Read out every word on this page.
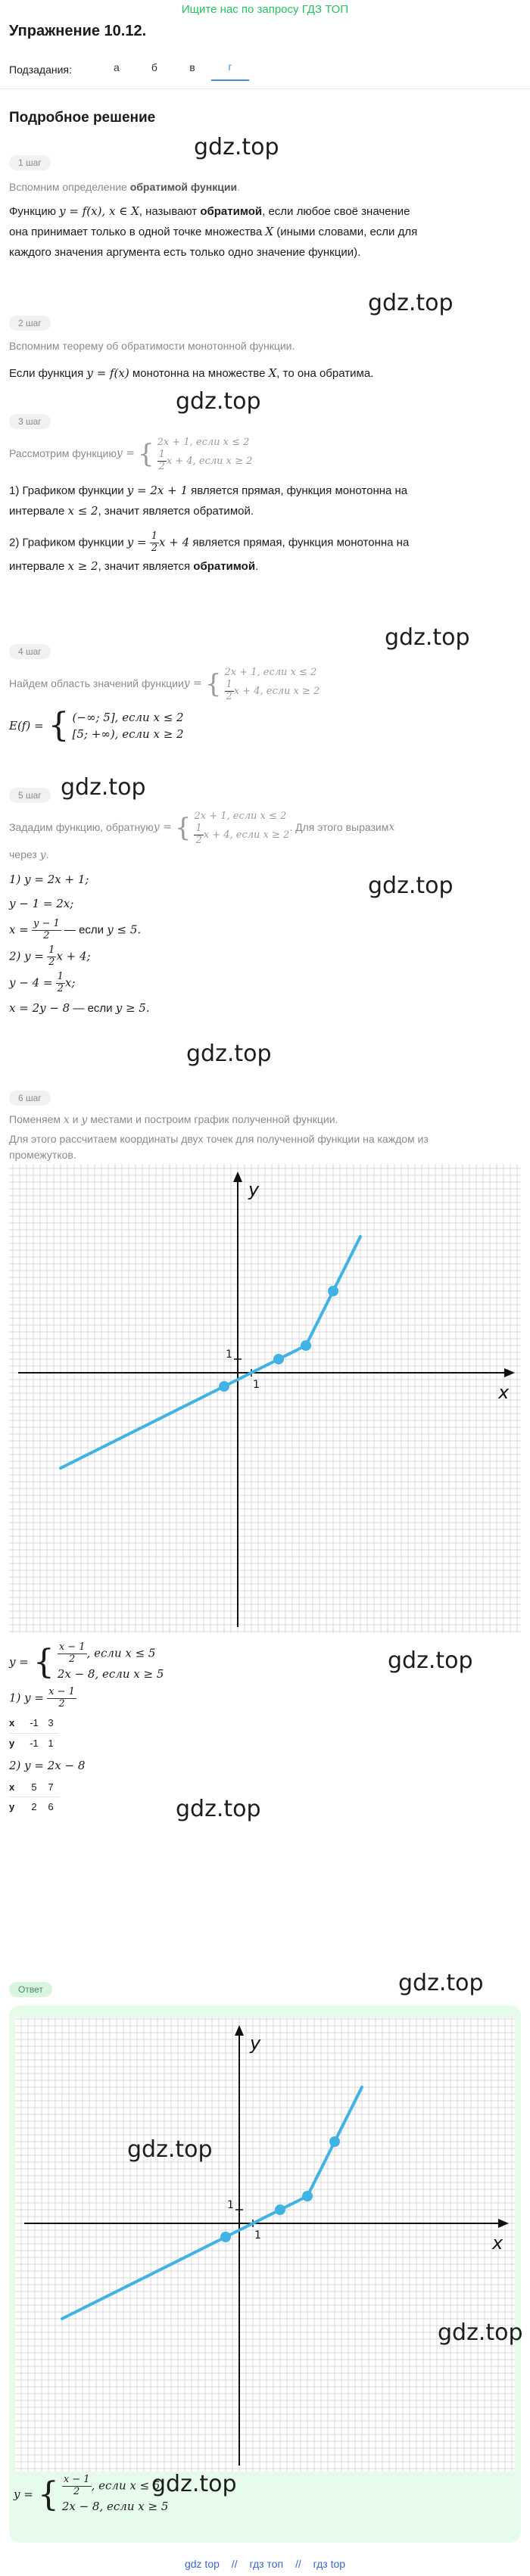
Ищите нас по запросу ГДЗ ТОП
Упражнение 10.12.
Подзадания:	а	б	в	г
Подробное решение
gdz.top
gdz.top
gdz.top
gdz.top
gdz.top
gdz.top
gdz.top
gdz.top
gdz.top
gdz.top
1 шаг
Вспомним определение обратимой функции.
Функцию y = f(x), x ∈ X, называют обратимой, если любое своё значение
она принимает только в одной точке множества X (иными словами, если для
каждого значения аргумента есть только одно значение функции).
2 шаг
Вспомним теорему об обратимости монотонной функции.
Если функция y = f(x) монотонна на множестве X, то она обратима.
3 шаг
Рассмотрим функцию y = { 2x + 1, если x ≤ 2
$\frac{1}{2}$ x + 4, если x ≥ 2
1) Графиком функции y = 2x + 1 является прямая, функция монотонна на
интервале x ≤ 2, значит является обратимой.
2) Графиком функции $y = \frac{1}{2}$ x + 4 является прямая, функция монотонна на
интервале x ≥ 2, значит является обратимой.
4 шаг
Найдем область значений функции y = { 2x + 1, если x ≤ 2
$\frac{1}{2}$ x + 4, если x ≥ 2
E(f) = { (−∞; 5], если x ≤ 2
[5; +∞), если x ≥ 2
5 шаг
Зададим функцию, обратную y = { 2x + 1, если x ≤ 2
$\frac{1}{2}$ x + 4, если x ≥ 2
. Для этого выразим x
через y.
1) y = 2x + 1;
y − 1 = 2x;
$x = \frac{y - 1}{2}$ — если y ≤ 5.
2) $y = \frac{1}{2}$ x + 4;
$y - 4 = \frac{1}{2} x$;
x = 2y − 8 — если y ≥ 5.
6 шаг
Поменяем x и y местами и построим график полученной функции.
Для этого рассчитаем координаты двух точек для полученной функции на каждом из
промежутков.
1
1
x
y
y = { $\frac{x - 1}{2}$ , если x ≤ 5
2x − 8, если x ≥ 5
1) $y = \frac{x - 1}{2}$
x	-1	3
y	-1	1
2) y = 2x − 8
x	5	7
y	2	6
Ответ
1
1
x
y
y = { $\frac{x - 1}{2}$ , если x ≤ 5
2x − 8, если x ≥ 5
gdz.top
gdz.top
gdz.top
gdz top // гдз топ // гдз top
